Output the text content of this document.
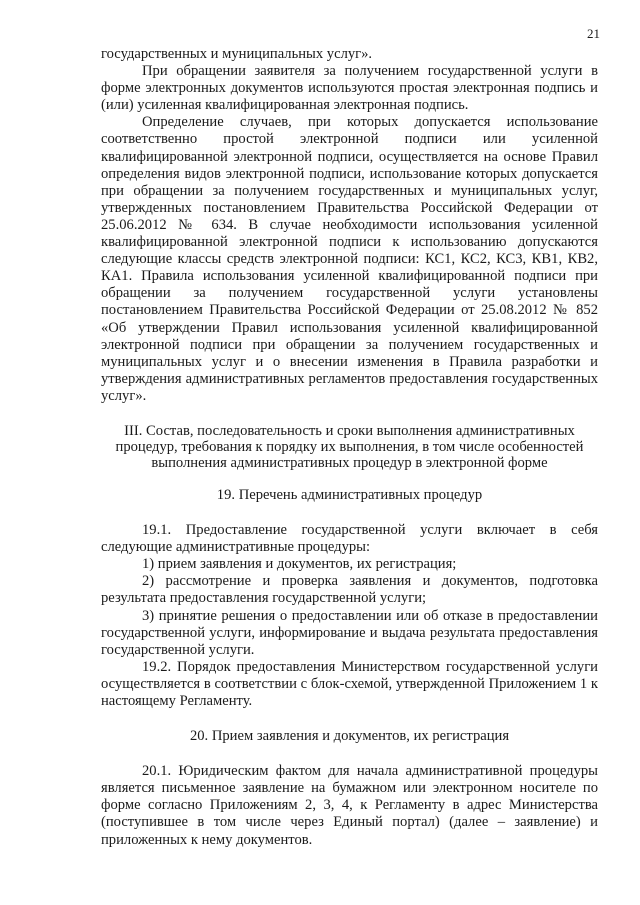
21

государственных и муниципальных услуг».

При обращении заявителя за получением государственной услуги в форме электронных документов используются простая электронная подпись и (или) усиленная квалифицированная электронная подпись.

Определение случаев, при которых допускается использование соответственно простой электронной подписи или усиленной квалифицированной электронной подписи, осуществляется на основе Правил определения видов электронной подписи, использование которых допускается при обращении за получением государственных и муниципальных услуг, утвержденных постановлением Правительства Российской Федерации от 25.06.2012 № 634. В случае необходимости использования усиленной квалифицированной электронной подписи к использованию допускаются следующие классы средств электронной подписи: КС1, КС2, КС3, КВ1, КВ2, КА1. Правила использования усиленной квалифицированной подписи при обращении за получением государственной услуги установлены постановлением Правительства Российской Федерации от 25.08.2012 № 852 «Об утверждении Правил использования усиленной квалифицированной электронной подписи при обращении за получением государственных и муниципальных услуг и о внесении изменения в Правила разработки и утверждения административных регламентов предоставления государственных услуг».

III. Состав, последовательность и сроки выполнения административных
процедур, требования к порядку их выполнения, в том числе особенностей
выполнения административных процедур в электронной форме

19. Перечень административных процедур

19.1. Предоставление государственной услуги включает в себя следующие административные процедуры:

1) прием заявления и документов, их регистрация;

2) рассмотрение и проверка заявления и документов, подготовка результата предоставления государственной услуги;

3) принятие решения о предоставлении или об отказе в предоставлении государственной услуги, информирование и выдача результата предоставления государственной услуги.

19.2. Порядок предоставления Министерством государственной услуги осуществляется в соответствии с блок-схемой, утвержденной Приложением 1 к настоящему Регламенту.

20. Прием заявления и документов, их регистрация

20.1. Юридическим фактом для начала административной процедуры является письменное заявление на бумажном или электронном носителе по форме согласно Приложениям 2, 3, 4, к Регламенту в адрес Министерства (поступившее в том числе через Единый портал) (далее – заявление) и приложенных к нему документов.
